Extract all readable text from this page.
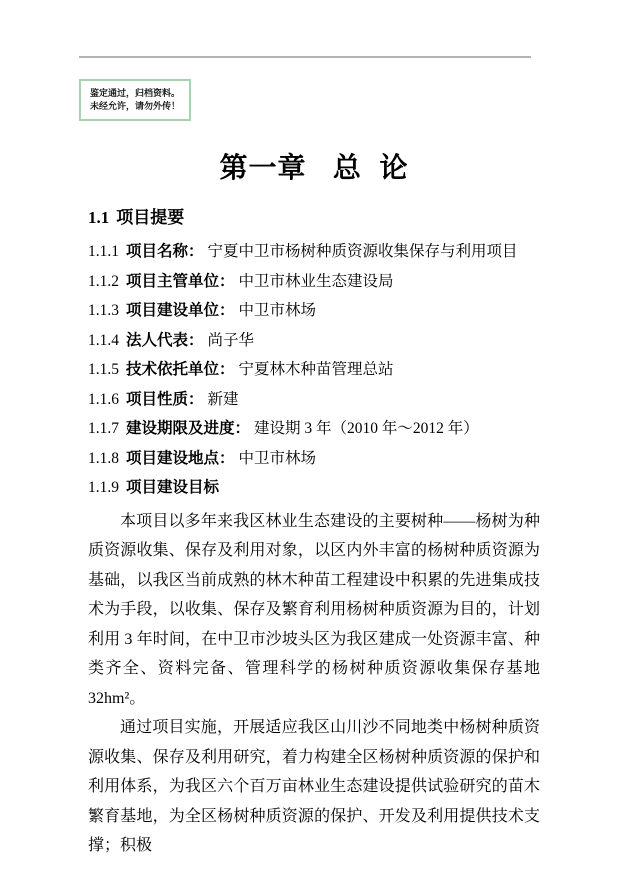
鉴定通过，归档资料。
未经允许，请勿外传！
第一章   总  论
1.1 项目提要
1.1.1 项目名称： 宁夏中卫市杨树种质资源收集保存与利用项目
1.1.2 项目主管单位： 中卫市林业生态建设局
1.1.3 项目建设单位： 中卫市林场
1.1.4 法人代表： 尚子华
1.1.5 技术依托单位： 宁夏林木种苗管理总站
1.1.6 项目性质： 新建
1.1.7 建设期限及进度： 建设期 3 年（2010 年～2012 年）
1.1.8 项目建设地点： 中卫市林场
1.1.9 项目建设目标

本项目以多年来我区林业生态建设的主要树种——杨树为种质资源收集、保存及利用对象，以区内外丰富的杨树种质资源为基础，以我区当前成熟的林木种苗工程建设中积累的先进集成技术为手段，以收集、保存及繁育利用杨树种质资源为目的，计划利用 3 年时间，在中卫市沙坡头区为我区建成一处资源丰富、种类齐全、资料完备、管理科学的杨树种质资源收集保存基地 32hm²。

通过项目实施，开展适应我区山川沙不同地类中杨树种质资源收集、保存及利用研究，着力构建全区杨树种质资源的保护和利用体系，为我区六个百万亩林业生态建设提供试验研究的苗木繁育基地，为全区杨树种质资源的保护、开发及利用提供技术支撑；积极
